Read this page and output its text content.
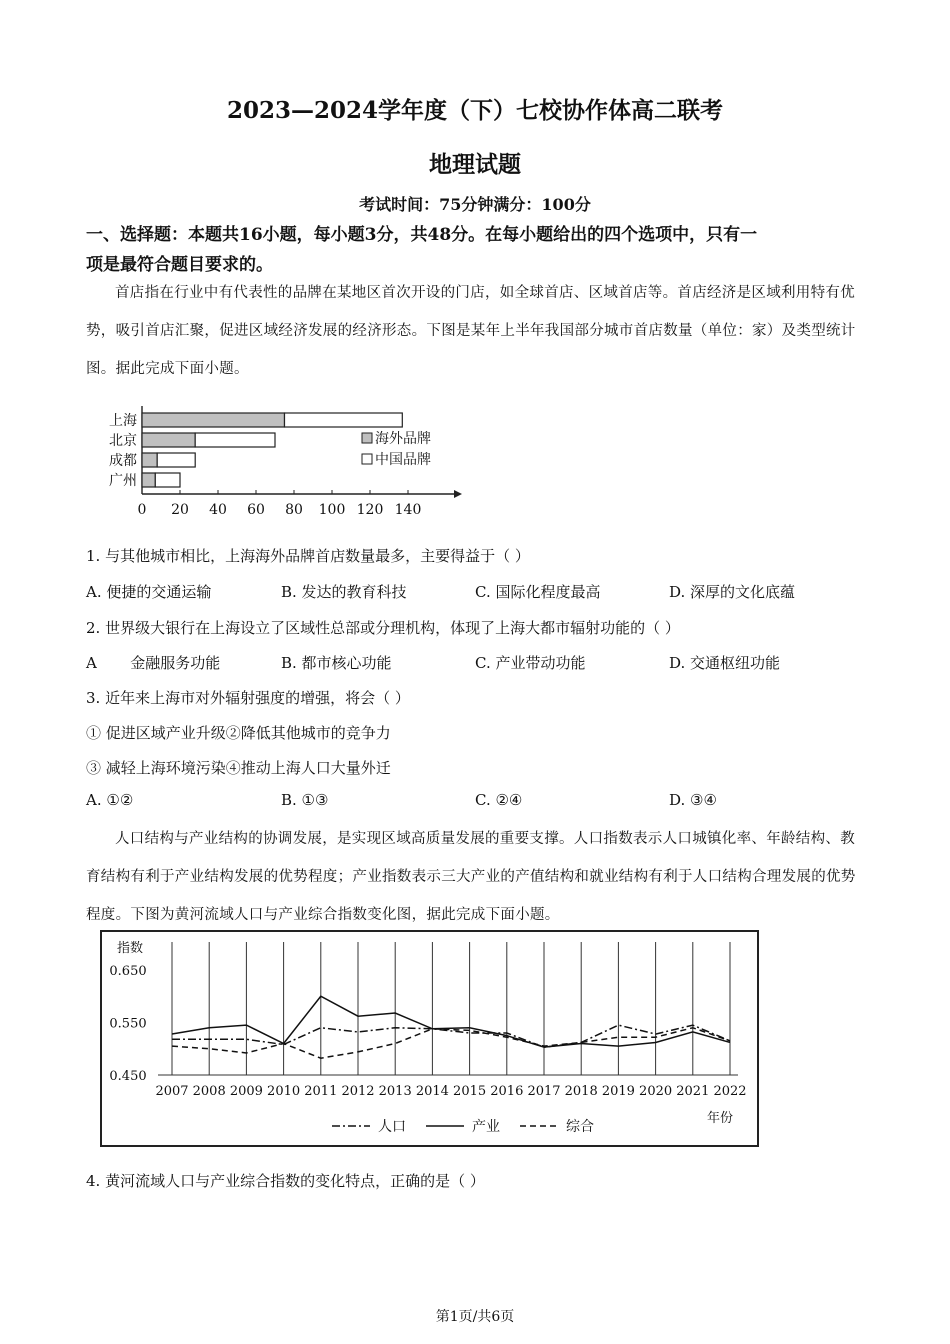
2023—2024学年度（下）七校协作体高二联考
地理试题
考试时间：75分钟满分：100分
一、选择题：本题共16小题，每小题3分，共48分。在每小题给出的四个选项中，只有一
项是最符合题目要求的。
首店指在行业中有代表性的品牌在某地区首次开设的门店，如全球首店、区域首店等。首店经济是区域利用特有优势，吸引首店汇聚，促进区域经济发展的经济形态。下图是某年上半年我国部分城市首店数量（单位：家）及类型统计图。据此完成下面小题。
0 20 40 60 80 100 120 140
上海
北京
成都
广州
海外品牌
中国品牌
1. 与其他城市相比，上海海外品牌首店数量最多，主要得益于（ ）
A. 便捷的交通运输	B. 发达的教育科技	C. 国际化程度最高	D. 深厚的文化底蕴
2. 世界级大银行在上海设立了区域性总部或分理机构，体现了上海大都市辐射功能的（ ）
A       金融服务功能	B. 都市核心功能	C. 产业带动功能	D. 交通枢纽功能
3. 近年来上海市对外辐射强度的增强，将会（ ）
① 促进区域产业升级②降低其他城市的竞争力
③ 减轻上海环境污染④推动上海人口大量外迁
A. ①②	B. ①③	C. ②④	D. ③④
人口结构与产业结构的协调发展，是实现区域高质量发展的重要支撑。人口指数表示人口城镇化率、年龄结构、教育结构有利于产业结构发展的优势程度；产业指数表示三大产业的产值结构和就业结构有利于人口结构合理发展的优势程度。下图为黄河流域人口与产业综合指数变化图，据此完成下面小题。
2007 2008 2009 2010 2011 2012 2013 2014 2015 2016 2017 2018 2019 2020 2021 2022
指数
0.650
0.550
0.450
年份
人口	产业	综合
4. 黄河流域人口与产业综合指数的变化特点，正确的是（ ）
第1页/共6页
